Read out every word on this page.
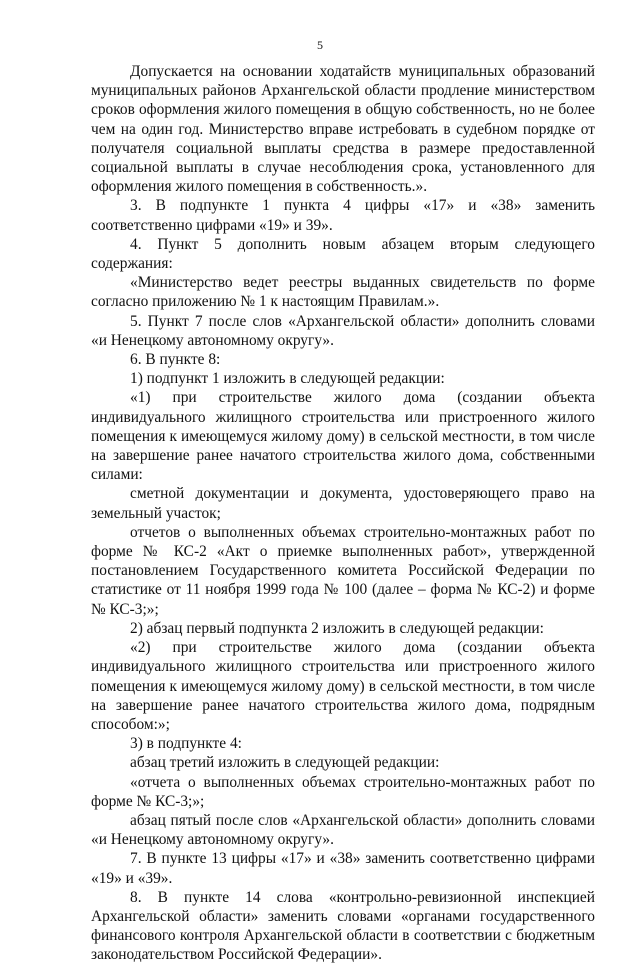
5

Допускается на основании ходатайств муниципальных образований муниципальных районов Архангельской области продление министерством сроков оформления жилого помещения в общую собственность, но не более чем на один год. Министерство вправе истребовать в судебном порядке от получателя социальной выплаты средства в размере предоставленной социальной выплаты в случае несоблюдения срока, установленного для оформления жилого помещения в собственность.».

3. В подпункте 1 пункта 4 цифры «17» и «38» заменить соответственно цифрами «19» и 39».

4. Пункт 5 дополнить новым абзацем вторым следующего содержания:

«Министерство ведет реестры выданных свидетельств по форме согласно приложению № 1 к настоящим Правилам.».

5. Пункт 7 после слов «Архангельской области» дополнить словами «и Ненецкому автономному округу».

6. В пункте 8:

1) подпункт 1 изложить в следующей редакции:

«1) при строительстве жилого дома (создании объекта индивидуального жилищного строительства или пристроенного жилого помещения к имеющемуся жилому дому) в сельской местности, в том числе на завершение ранее начатого строительства жилого дома, собственными силами:

сметной документации и документа, удостоверяющего право на земельный участок;

отчетов о выполненных объемах строительно-монтажных работ по форме № КС-2 «Акт о приемке выполненных работ», утвержденной постановлением Государственного комитета Российской Федерации по статистике от 11 ноября 1999 года № 100 (далее – форма № КС-2) и форме № КС-3;»;

2) абзац первый подпункта 2 изложить в следующей редакции:

«2) при строительстве жилого дома (создании объекта индивидуального жилищного строительства или пристроенного жилого помещения к имеющемуся жилому дому) в сельской местности, в том числе на завершение ранее начатого строительства жилого дома, подрядным способом:»;

3) в подпункте 4:

абзац третий изложить в следующей редакции:

«отчета о выполненных объемах строительно-монтажных работ по форме № КС-3;»;

абзац пятый после слов «Архангельской области» дополнить словами «и Ненецкому автономному округу».

7. В пункте 13 цифры «17» и «38» заменить соответственно цифрами «19» и «39».

8. В пункте 14 слова «контрольно-ревизионной инспекцией Архангельской области» заменить словами «органами государственного финансового контроля Архангельской области в соответствии с бюджетным законодательством Российской Федерации».
